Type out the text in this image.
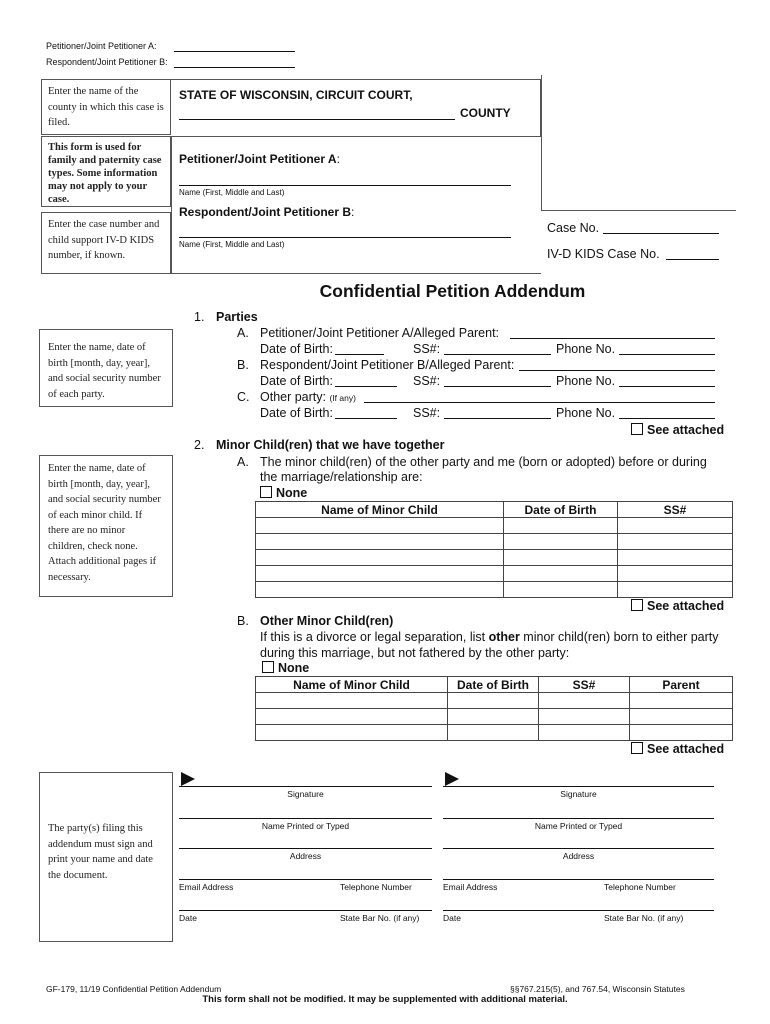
Petitioner/Joint Petitioner A:
Respondent/Joint Petitioner B:
Enter the name of the county in which this case is filed.
This form is used for family and paternity case types. Some information may not apply to your case.
Enter the case number and child support IV-D KIDS number, if known.
STATE OF WISCONSIN, CIRCUIT COURT,
COUNTY
Petitioner/Joint Petitioner A:
Name (First, Middle and Last)
Respondent/Joint Petitioner B:
Name (First, Middle and Last)
Case No.
IV-D KIDS Case No.
Confidential Petition Addendum
Enter the name, date of birth [month, day, year], and social security number of each party.
1. Parties
A. Petitioner/Joint Petitioner A/Alleged Parent:
Date of Birth:	SS#:	Phone No.
B. Respondent/Joint Petitioner B/Alleged Parent:
Date of Birth:	SS#:	Phone No.
C. Other party: (If any)
Date of Birth:	SS#:	Phone No.
See attached
2. Minor Child(ren) that we have together
Enter the name, date of birth [month, day, year], and social security number of each minor child. If there are no minor children, check none. Attach additional pages if necessary.
A. The minor child(ren) of the other party and me (born or adopted) before or during
the marriage/relationship are:
None
Name of Minor Child	Date of Birth	SS#

See attached
B. Other Minor Child(ren)
If this is a divorce or legal separation, list other minor child(ren) born to either party
during this marriage, but not fathered by the other party:
None
Name of Minor Child	Date of Birth	SS#	Parent

See attached
The party(s) filing this addendum must sign and print your name and date the document.
Signature
Name Printed or Typed
Address
Email Address	Telephone Number
Date	State Bar No. (if any)
Signature
Name Printed or Typed
Address
Email Address	Telephone Number
Date	State Bar No. (if any)
GF-179, 11/19 Confidential Petition Addendum	§§767.215(5), and 767.54, Wisconsin Statutes
This form shall not be modified. It may be supplemented with additional material.
